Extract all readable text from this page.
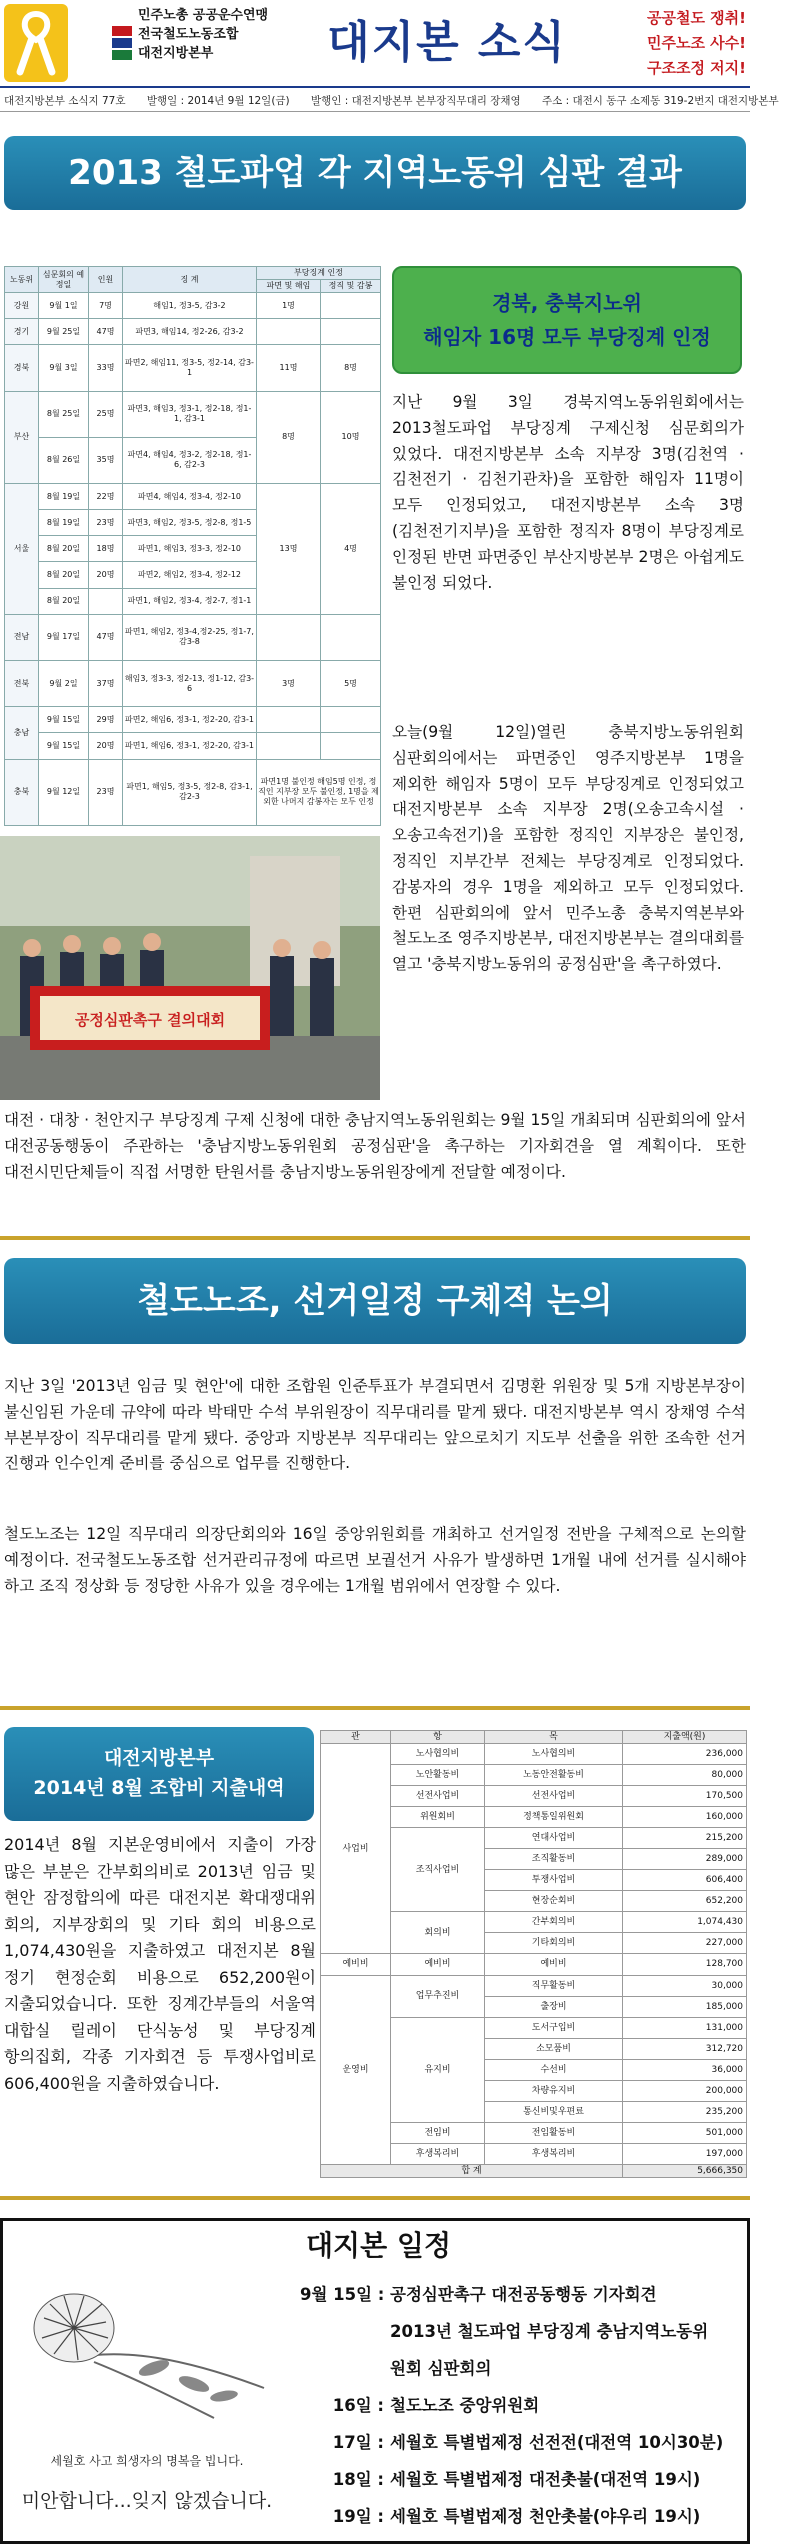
민주노총 공공운수연맹
전국철도노동조합
대전지방본부	대지본 소식	공공철도 쟁취!
민주노조 사수!
구조조정 저지!
대전지방본부 소식지 77호 발행일 : 2014년 9월 12일(금) 발행인 : 대전지방본부 본부장직무대리 장채영 주소 : 대전시 동구 소제동 319-2번지 대전지방본부
2013 철도파업 각 지역노동위 심판 결과
노동위	심문회의 예정일	인원	징 계	부당징계 인정	
				파면 및 해임	정직 및 감봉
강원	9월 1일	7명	해임1, 정3-5, 감3-2	1명	
경기	9월 25일	47명	파면3, 해임14, 정2-26, 감3-2		
경북	9월 3일	33명	파면2, 해임11, 정3-5, 정2-14, 감3-1	11명	8명
부산	8월 25일	25명	파면3, 해임3, 정3-1, 정2-18, 정1-1, 감3-1	8명	10명
	8월 26일	35명	파면4, 해임4, 정3-2, 정2-18, 정1-6, 감2-3		
서울	8월 19일	22명	파면4, 해임4, 정3-4, 정2-10	13명	4명
	8월 19일	23명	파면3, 해임2, 정3-5, 정2-8, 정1-5		
	8월 20일	18명	파면1, 해임3, 정3-3, 정2-10		
	8월 20일	20명	파면2, 해임2, 정3-4, 정2-12		
	8월 20일		파면1, 해임2, 정3-4, 정2-7, 정1-1		
전남	9월 17일	47명	파면1, 해임2, 정3-4,정2-25, 정1-7, 감3-8		
전북	9월 2일	37명	해임3, 정3-3, 정2-13, 정1-12, 감3-6	3명	5명
충남	9월 15일	29명	파면2, 해임6, 정3-1, 정2-20, 감3-1		
	9월 15일	20명	파면1, 해임6, 정3-1, 정2-20, 감3-1		
충북	9월 12일	23명	파면1, 해임5, 정3-5, 정2-8, 감3-1, 감2-3	파면1명 불인정 해임5명 인정, 정직인 지부장 모두 불인정, 1명을 제외한 나머지 감봉자는 모두 인정	
경북, 충북지노위
해임자 16명 모두 부당징계 인정

지난 9월 3일 경북지역노동위원회에서는 2013철도파업 부당징계 구제신청 심문회의가 있었다. 대전지방본부 소속 지부장 3명(김천역 · 김천전기 · 김천기관차)을 포함한 해임자 11명이 모두 인정되었고, 대전지방본부 소속 3명(김천전기지부)을 포함한 정직자 8명이 부당징계로 인정된 반면 파면중인 부산지방본부 2명은 아쉽게도 불인정 되었다.

오늘(9월 12일)열린 충북지방노동위원회 심판회의에서는 파면중인 영주지방본부 1명을 제외한 해임자 5명이 모두 부당징계로 인정되었고 대전지방본부 소속 지부장 2명(오송고속시설 · 오송고속전기)을 포함한 정직인 지부장은 불인정, 정직인 지부간부 전체는 부당징계로 인정되었다. 감봉자의 경우 1명을 제외하고 모두 인정되었다. 한편 심판회의에 앞서 민주노총 충북지역본부와 철도노조 영주지방본부, 대전지방본부는 결의대회를 열고 '충북지방노동위의 공정심판'을 촉구하였다.

공정심판촉구 결의대회

대전 · 대창 · 천안지구 부당징계 구제 신청에 대한 충남지역노동위원회는 9월 15일 개최되며 심판회의에 앞서 대전공동행동이 주관하는 '충남지방노동위원회 공정심판'을 촉구하는 기자회견을 열 계획이다. 또한 대전시민단체들이 직접 서명한 탄원서를 충남지방노동위원장에게 전달할 예정이다.

철도노조, 선거일정 구체적 논의

지난 3일 '2013년 임금 및 현안'에 대한 조합원 인준투표가 부결되면서 김명환 위원장 및 5개 지방본부장이 불신임된 가운데 규약에 따라 박태만 수석 부위원장이 직무대리를 맡게 됐다. 대전지방본부 역시 장채영 수석 부본부장이 직무대리를 맡게 됐다. 중앙과 지방본부 직무대리는 앞으로치기 지도부 선출을 위한 조속한 선거 진행과 인수인계 준비를 중심으로 업무를 진행한다.

철도노조는 12일 직무대리 의장단회의와 16일 중앙위원회를 개최하고 선거일정 전반을 구체적으로 논의할 예정이다. 전국철도노동조합 선거관리규정에 따르면 보궐선거 사유가 발생하면 1개월 내에 선거를 실시해야 하고 조직 정상화 등 정당한 사유가 있을 경우에는 1개월 범위에서 연장할 수 있다.

대전지방본부
2014년 8월 조합비 지출내역

2014년 8월 지본운영비에서 지출이 가장 많은 부분은 간부회의비로 2013년 임금 및 현안 잠정합의에 따른 대전지본 확대쟁대위 회의, 지부장회의 및 기타 회의 비용으로 1,074,430원을 지출하였고 대전지본 8월 정기 현정순회 비용으로 652,200원이 지출되었습니다. 또한 징계간부들의 서울역 대합실 릴레이 단식농성 및 부당징계 항의집회, 각종 기자회견 등 투쟁사업비로 606,400원을 지출하였습니다.

관	항	목	지출액(원)
사업비	노사협의비	노사협의비	236,000
	노안활동비	노동안전활동비	80,000
	선전사업비	선전사업비	170,500
	위원회비	정책통일위원회	160,000
	조직사업비	연대사업비	215,200
		조직활동비	289,000
		투쟁사업비	606,400
		현장순회비	652,200
	회의비	간부회의비	1,074,430
		기타회의비	227,000
예비비	예비비	예비비	128,700
운영비	업무추진비	직무활동비	30,000
		출장비	185,000
	유지비	도서구입비	131,000
		소모품비	312,720
		수선비	36,000
		차량유지비	200,000
		통신비및우편료	235,200
	전임비	전임활동비	501,000
	후생복리비	후생복리비	197,000
합 계			5,666,350
세월호 사고 희생자의 명복을 빕니다.
미안합니다...잊지 않겠습니다.
대지본 일정
9월 15일 : 공정심판촉구 대전공동행동 기자회견
2013년 철도파업 부당징계 충남지역노동위
원회 심판회의
16일 : 철도노조 중앙위원회
17일 : 세월호 특별법제정 선전전(대전역 10시30분)
18일 : 세월호 특별법제정 대전촛불(대전역 19시)
19일 : 세월호 특별법제정 천안촛불(야우리 19시)
